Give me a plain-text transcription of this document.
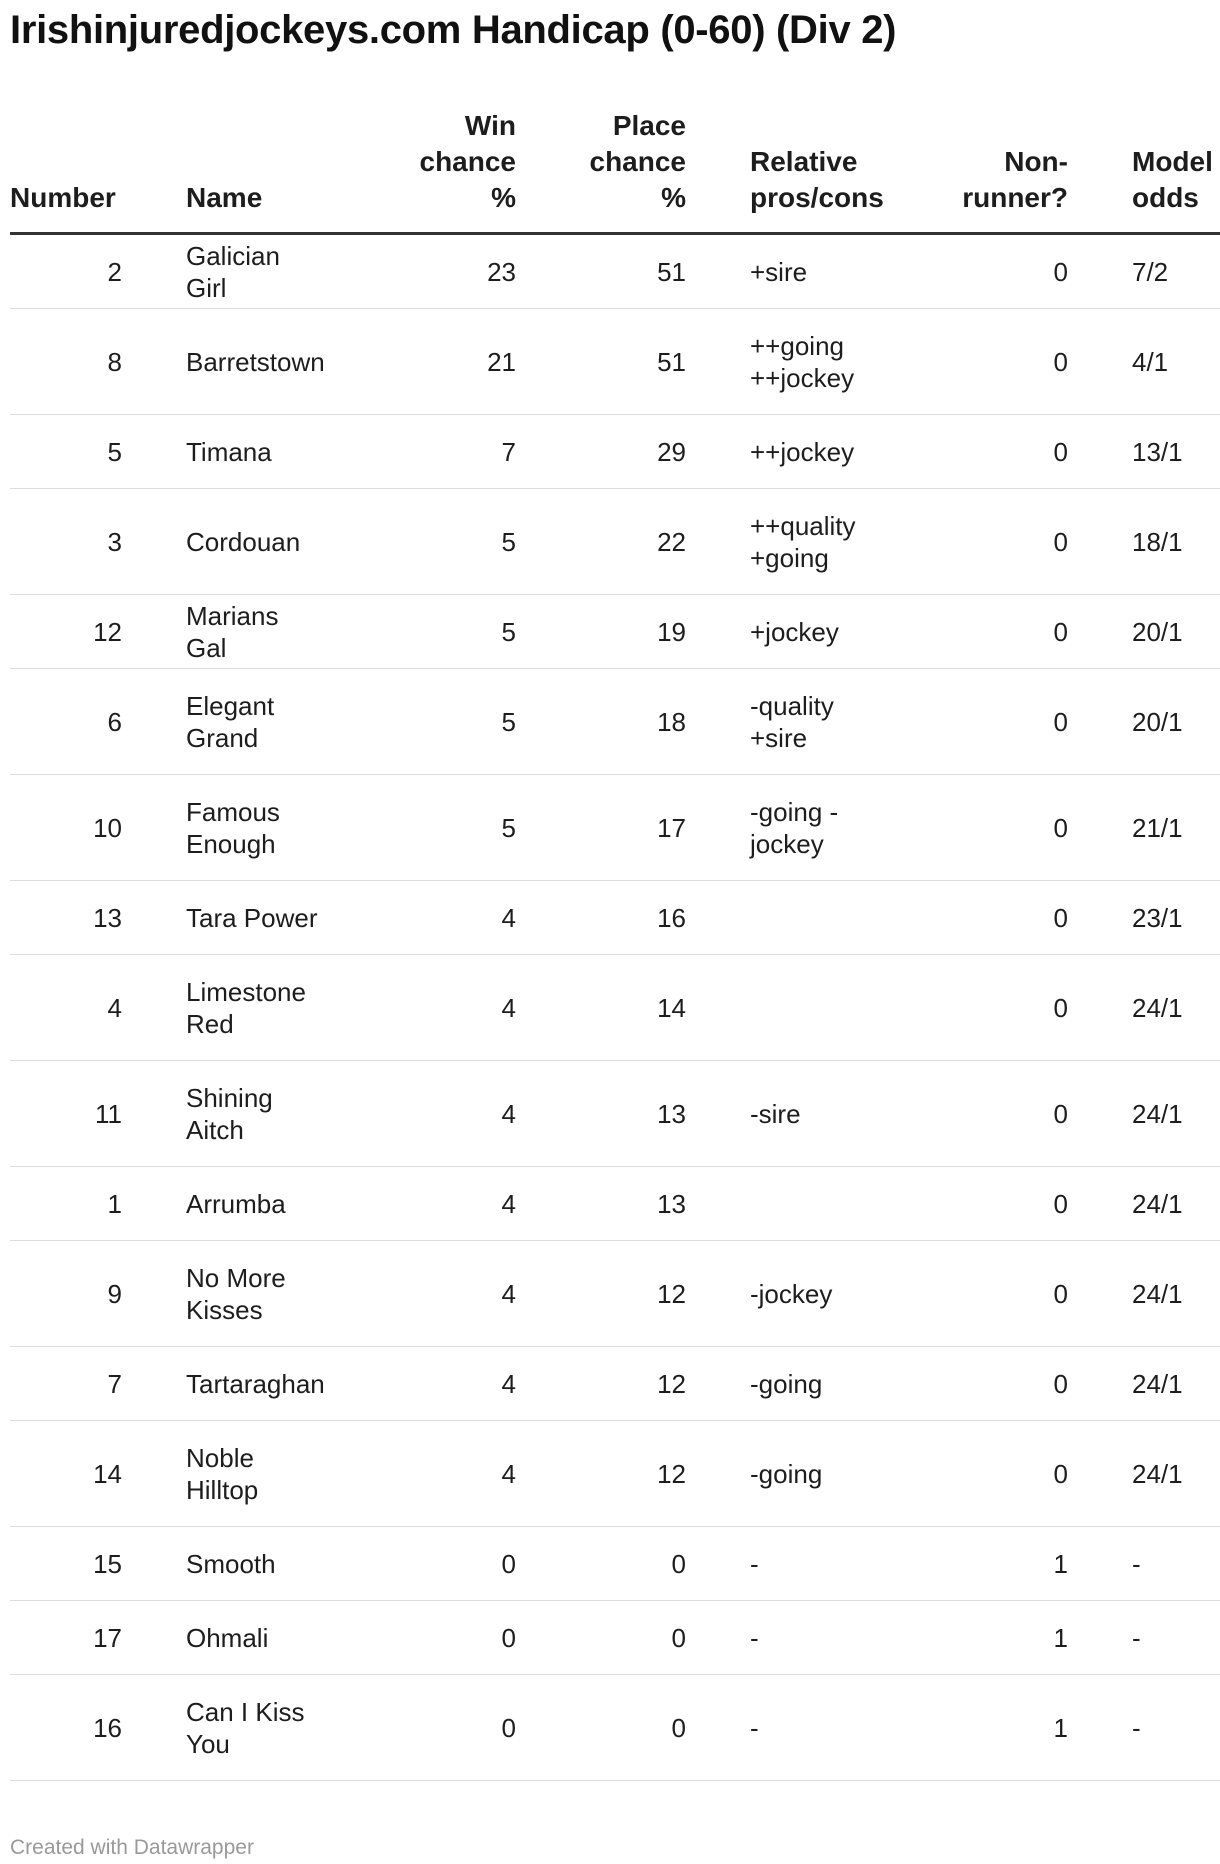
Irishinjuredjockeys.com Handicap (0-60) (Div 2)
Number		Name	Win chance %	Place chance %		Relative pros/cons	Non-runner?		Model odds

2		Galician Girl	23	51		+sire	0		7/2
8		Barretstown	21	51		++going ++jockey	0		4/1
5		Timana	7	29		++jockey	0		13/1
3		Cordouan	5	22		++quality +going	0		18/1
12		Marians Gal	5	19		+jockey	0		20/1
6		Elegant Grand	5	18		-quality +sire	0		20/1
10		Famous Enough	5	17		-going -jockey	0		21/1
13		Tara Power	4	16			0		23/1
4		Limestone Red	4	14			0		24/1
11		Shining Aitch	4	13		-sire	0		24/1
1		Arrumba	4	13			0		24/1
9		No More Kisses	4	12		-jockey	0		24/1
7		Tartaraghan	4	12		-going	0		24/1
14		Noble Hilltop	4	12		-going	0		24/1
15		Smooth	0	0		-	1		-
17		Ohmali	0	0		-	1		-
16		Can I Kiss You	0	0		-	1		-
Created with Datawrapper
